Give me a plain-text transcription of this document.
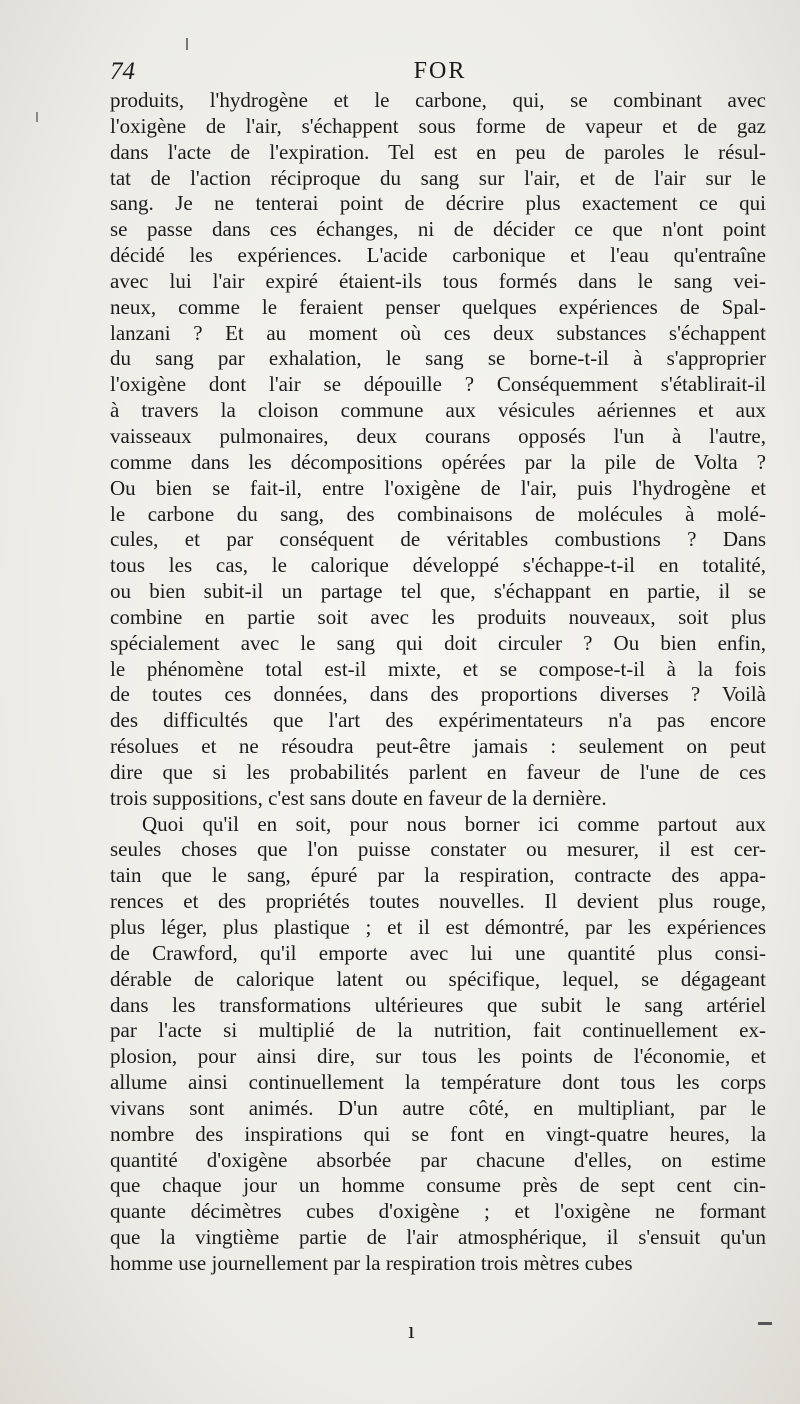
74	FOR
produits, l'hydrogène et le carbone, qui, se combinant avec
l'oxigène de l'air, s'échappent sous forme de vapeur et de gaz
dans l'acte de l'expiration. Tel est en peu de paroles le résul-
tat de l'action réciproque du sang sur l'air, et de l'air sur le
sang. Je ne tenterai point de décrire plus exactement ce qui
se passe dans ces échanges, ni de décider ce que n'ont point
décidé les expériences. L'acide carbonique et l'eau qu'entraîne
avec lui l'air expiré étaient-ils tous formés dans le sang vei-
neux, comme le feraient penser quelques expériences de Spal-
lanzani ? Et au moment où ces deux substances s'échappent
du sang par exhalation, le sang se borne-t-il à s'approprier
l'oxigène dont l'air se dépouille ? Conséquemment s'établirait-il
à travers la cloison commune aux vésicules aériennes et aux
vaisseaux pulmonaires, deux courans opposés l'un à l'autre,
comme dans les décompositions opérées par la pile de Volta ?
Ou bien se fait-il, entre l'oxigène de l'air, puis l'hydrogène et
le carbone du sang, des combinaisons de molécules à molé-
cules, et par conséquent de véritables combustions ? Dans
tous les cas, le calorique développé s'échappe-t-il en totalité,
ou bien subit-il un partage tel que, s'échappant en partie, il se
combine en partie soit avec les produits nouveaux, soit plus
spécialement avec le sang qui doit circuler ? Ou bien enfin,
le phénomène total est-il mixte, et se compose-t-il à la fois
de toutes ces données, dans des proportions diverses ? Voilà
des difficultés que l'art des expérimentateurs n'a pas encore
résolues et ne résoudra peut-être jamais : seulement on peut
dire que si les probabilités parlent en faveur de l'une de ces
trois suppositions, c'est sans doute en faveur de la dernière.
Quoi qu'il en soit, pour nous borner ici comme partout aux
seules choses que l'on puisse constater ou mesurer, il est cer-
tain que le sang, épuré par la respiration, contracte des appa-
rences et des propriétés toutes nouvelles. Il devient plus rouge,
plus léger, plus plastique ; et il est démontré, par les expériences
de Crawford, qu'il emporte avec lui une quantité plus consi-
dérable de calorique latent ou spécifique, lequel, se dégageant
dans les transformations ultérieures que subit le sang artériel
par l'acte si multiplié de la nutrition, fait continuellement ex-
plosion, pour ainsi dire, sur tous les points de l'économie, et
allume ainsi continuellement la température dont tous les corps
vivans sont animés. D'un autre côté, en multipliant, par le
nombre des inspirations qui se font en vingt-quatre heures, la
quantité d'oxigène absorbée par chacune d'elles, on estime
que chaque jour un homme consume près de sept cent cin-
quante décimètres cubes d'oxigène ; et l'oxigène ne formant
que la vingtième partie de l'air atmosphérique, il s'ensuit qu'un
homme use journellement par la respiration trois mètres cubes
ı
